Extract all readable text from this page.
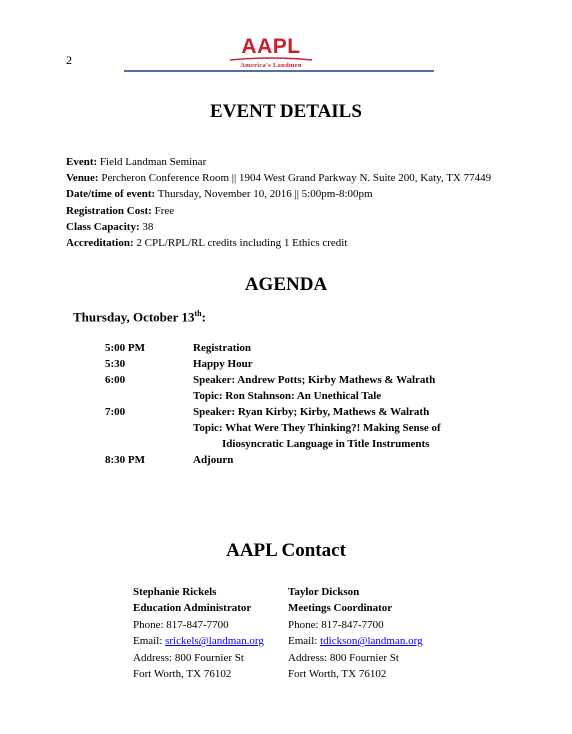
2
AAPL
America's Landmen
EVENT DETAILS
Event: Field Landman Seminar
Venue: Percheron Conference Room || 1904 West Grand Parkway N. Suite 200, Katy, TX 77449
Date/time of event: Thursday, November 10, 2016 || 5:00pm-8:00pm
Registration Cost: Free
Class Capacity: 38
Accreditation: 2 CPL/RPL/RL credits including 1 Ethics credit
AGENDA
Thursday, October 13th:
5:00 PM	Registration
5:30	Happy Hour
6:00	Speaker: Andrew Potts; Kirby Mathews & Walrath
Topic: Ron Stahnson: An Unethical Tale
7:00	Speaker: Ryan Kirby; Kirby, Mathews & Walrath
Topic: What Were They Thinking?! Making Sense of
Idiosyncratic Language in Title Instruments
8:30 PM	Adjourn
AAPL Contact
Stephanie Rickels
Education Administrator
Phone: 817-847-7700
Email: srickels@landman.org
Address: 800 Fournier St
Fort Worth, TX 76102
Taylor Dickson
Meetings Coordinator
Phone: 817-847-7700
Email: tdickson@landman.org
Address: 800 Fournier St
Fort Worth, TX 76102
